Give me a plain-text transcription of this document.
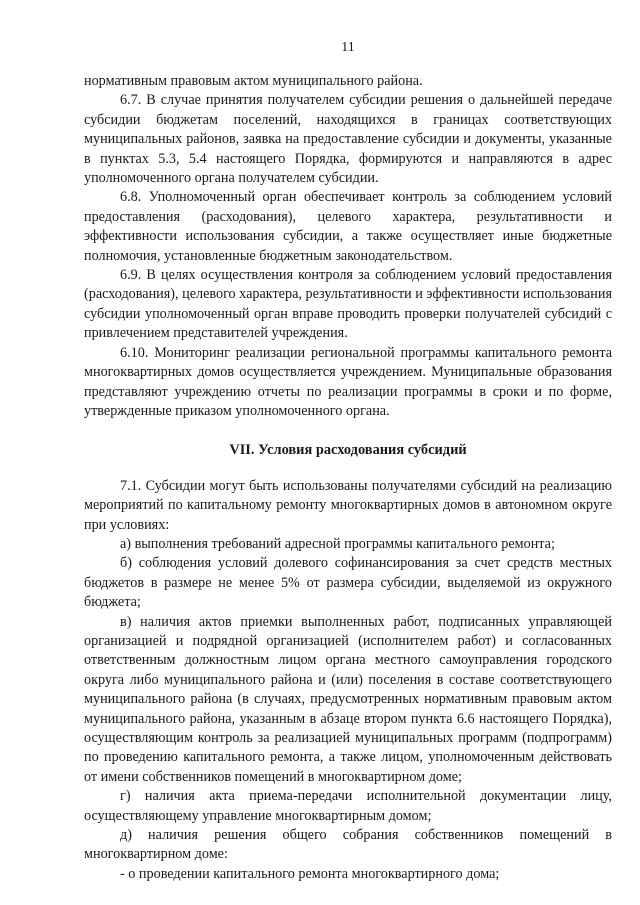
11

нормативным правовым актом муниципального района.

6.7. В случае принятия получателем субсидии решения о дальнейшей передаче субсидии бюджетам поселений, находящихся в границах соответствующих муниципальных районов, заявка на предоставление субсидии и документы, указанные в пунктах 5.3, 5.4 настоящего Порядка, формируются и направляются в адрес уполномоченного органа получателем субсидии.

6.8. Уполномоченный орган обеспечивает контроль за соблюдением условий предоставления (расходования), целевого характера, результативности и эффективности использования субсидии, а также осуществляет иные бюджетные полномочия, установленные бюджетным законодательством.

6.9. В целях осуществления контроля за соблюдением условий предоставления (расходования), целевого характера, результативности и эффективности использования субсидии уполномоченный орган вправе проводить проверки получателей субсидий с привлечением представителей учреждения.

6.10. Мониторинг реализации региональной программы капитального ремонта многоквартирных домов осуществляется учреждением. Муниципальные образования представляют учреждению отчеты по реализации программы в сроки и по форме, утвержденные приказом уполномоченного органа.

VII. Условия расходования субсидий

7.1. Субсидии могут быть использованы получателями субсидий на реализацию мероприятий по капитальному ремонту многоквартирных домов в автономном округе при условиях:

а) выполнения требований адресной программы капитального ремонта;

б) соблюдения условий долевого софинансирования за счет средств местных бюджетов в размере не менее 5% от размера субсидии, выделяемой из окружного бюджета;

в) наличия актов приемки выполненных работ, подписанных управляющей организацией и подрядной организацией (исполнителем работ) и согласованных ответственным должностным лицом органа местного самоуправления городского округа либо муниципального района и (или) поселения в составе соответствующего муниципального района (в случаях, предусмотренных нормативным правовым актом муниципального района, указанным в абзаце втором пункта 6.6 настоящего Порядка), осуществляющим контроль за реализацией муниципальных программ (подпрограмм) по проведению капитального ремонта, а также лицом, уполномоченным действовать от имени собственников помещений в многоквартирном доме;

г) наличия акта приема-передачи исполнительной документации лицу, осуществляющему управление многоквартирным домом;

д) наличия решения общего собрания собственников помещений в многоквартирном доме:

- о проведении капитального ремонта многоквартирного дома;
